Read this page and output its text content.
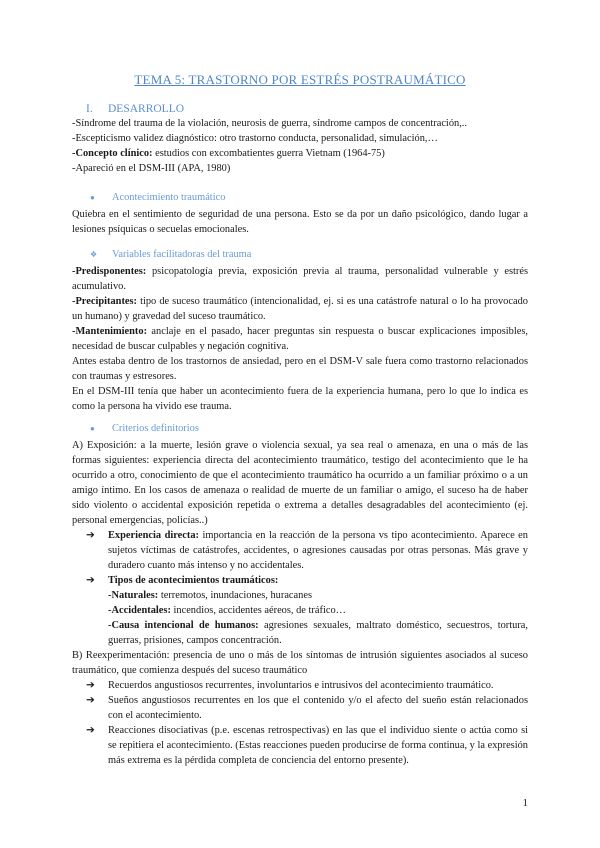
TEMA 5: TRASTORNO POR ESTRÉS POSTRAUMÁTICO
I. DESARROLLO

-Síndrome del trauma de la violación, neurosis de guerra, síndrome campos de concentración,..

-Escepticismo validez diagnóstico: otro trastorno conducta, personalidad, simulación,…

-Concepto clínico: estudios con excombatientes guerra Vietnam (1964-75)

-Apareció en el DSM-III (APA, 1980)

● Acontecimiento traumático

Quiebra en el sentimiento de seguridad de una persona. Esto se da por un daño psicológico, dando lugar a lesiones psíquicas o secuelas emocionales.

❖ Variables facilitadoras del trauma

-Predisponentes: psicopatología previa, exposición previa al trauma, personalidad vulnerable y estrés acumulativo.

-Precipitantes: tipo de suceso traumático (intencionalidad, ej. si es una catástrofe natural o lo ha provocado un humano) y gravedad del suceso traumático.

-Mantenimiento: anclaje en el pasado, hacer preguntas sin respuesta o buscar explicaciones imposibles, necesidad de buscar culpables y negación cognitiva.

Antes estaba dentro de los trastornos de ansiedad, pero en el DSM-V sale fuera como trastorno relacionados con traumas y estresores.

En el DSM-III tenía que haber un acontecimiento fuera de la experiencia humana, pero lo que lo indica es como la persona ha vivido ese trauma.

● Criterios definitorios

A) Exposición: a la muerte, lesión grave o violencia sexual, ya sea real o amenaza, en una o más de las formas siguientes: experiencia directa del acontecimiento traumático, testigo del acontecimiento que le ha ocurrido a otro, conocimiento de que el acontecimiento traumático ha ocurrido a un familiar próximo o a un amigo íntimo. En los casos de amenaza o realidad de muerte de un familiar o amigo, el suceso ha de haber sido violento o accidental exposición repetida o extrema a detalles desagradables del acontecimiento (ej. personal emergencias, policías..)

➔ Experiencia directa: importancia en la reacción de la persona vs tipo acontecimiento. Aparece en sujetos víctimas de catástrofes, accidentes, o agresiones causadas por otras personas. Más grave y duradero cuanto más intenso y no accidentales.
➔ Tipos de acontecimientos traumáticos:
-Naturales: terremotos, inundaciones, huracanes
-Accidentales: incendios, accidentes aéreos, de tráfico…
-Causa intencional de humanos: agresiones sexuales, maltrato doméstico, secuestros, tortura, guerras, prisiones, campos concentración.

B) Reexperimentación: presencia de uno o más de los síntomas de intrusión siguientes asociados al suceso traumático, que comienza después del suceso traumático

➔ Recuerdos angustiosos recurrentes, involuntarios e intrusivos del acontecimiento traumático.
➔ Sueños angustiosos recurrentes en los que el contenido y/o el afecto del sueño están relacionados con el acontecimiento.
➔ Reacciones disociativas (p.e. escenas retrospectivas) en las que el individuo siente o actúa como si se repitiera el acontecimiento. (Estas reacciones pueden producirse de forma continua, y la expresión más extrema es la pérdida completa de conciencia del entorno presente).
1
